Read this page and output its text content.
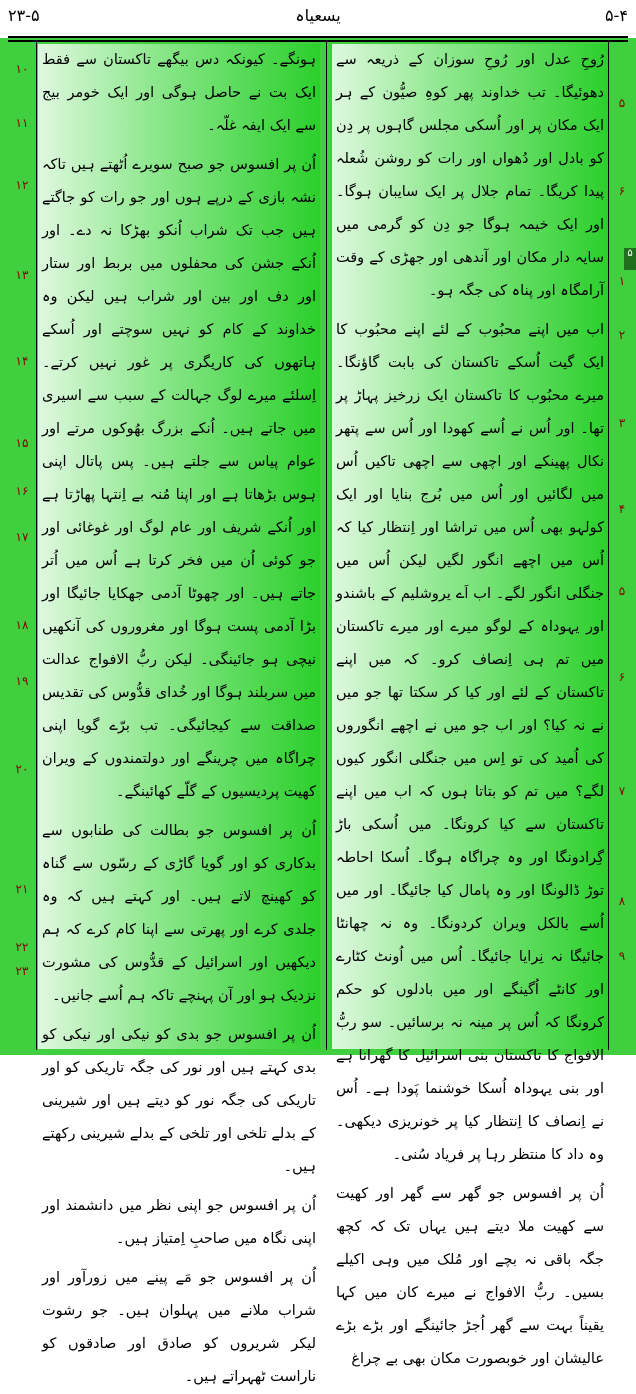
۲۳-۵	یسعیاہ	۵-۴

رُوحِ عدل اور رُوحِ سوزان کے ذریعہ سے دھوئیگا۔ تب خداوند پھر کوہِ صیُّون کے ہر ایک مکان پر اور اُسکی مجلس گاہوں پر دِن کو بادل اور دُھواں اور رات کو روشن شُعلہ پیدا کریگا۔ تمام جلال پر ایک سایبان ہوگا۔ اور ایک خیمہ ہوگا جو دِن کو گرمی میں سایہ دار مکان اور آندھی اور جھڑی کے وقت آرامگاہ اور پناہ کی جگہ ہو۔

اب میں اپنے محبُوب کے لئے اپنے محبُوب کا ایک گیت اُسکے تاکستان کی بابت گاؤنگا۔ میرے محبُوب کا تاکستان ایک زرخیز پہاڑ پر تھا۔ اور اُس نے اُسے کھودا اور اُس سے پتھر نکال پھینکے اور اچھی سے اچھی تاکیں اُس میں لگائیں اور اُس میں بُرج بنایا اور ایک کولہو بھی اُس میں تراشا اور اِنتظار کیا کہ اُس میں اچھے انگور لگیں لیکن اُس میں جنگلی انگور لگے۔ اب اَے یروشلیم کے باشندو اور یہوداہ کے لوگو میرے اور میرے تاکستان میں تم ہی اِنصاف کرو۔ کہ میں اپنے تاکستان کے لئے اور کیا کر سکتا تھا جو میں نے نہ کیا؟ اور اب جو میں نے اچھے انگوروں کی اُمید کی تو اِس میں جنگلی انگور کیوں لگے؟ میں تم کو بتاتا ہوں کہ اب میں اپنے تاکستان سے کیا کرونگا۔ میں اُسکی باڑ گِرادونگا اور وہ چراگاہ ہوگا۔ اُسکا احاطہ توڑ ڈالونگا اور وہ پامال کیا جائیگا۔ اور میں اُسے بالکل ویران کردونگا۔ وہ نہ چھانٹا جائیگا نہ نِرایا جائیگا۔ اُس میں اُونٹ کٹارے اور کانٹے اُگینگے اور میں بادلوں کو حکم کرونگا کہ اُس پر مینہ نہ برسائیں۔ سو ربُّ الافواج کا تاکستان بنی اسرائیل کا گھرانا ہے اور بنی یہوداہ اُسکا خوشنما پَودا ہے۔ اُس نے اِنصاف کا اِنتظار کیا پر خونریزی دیکھی۔ وہ داد کا منتظر رہا پر فریاد سُنی۔

اُن پر افسوس جو گھر سے گھر اور کھیت سے کھیت ملا دیتے ہیں یہاں تک کہ کچھ جگہ باقی نہ بچے اور مُلک میں وہی اکیلے بسیں۔ ربُّ الافواج نے میرے کان میں کہا یقیناً بہت سے گھر اُجڑ جائینگے اور بڑے بڑے عالیشان اور خوبصورت مکان بھی بے چراغ

ہونگے۔ کیونکہ دس بیگھے تاکستان سے فقط ایک بت نے حاصل ہوگی اور ایک خومر بیج سے ایک ایفہ غلّہ۔

اُن پر افسوس جو صبح سویرے اُٹھتے ہیں تاکہ نشہ بازی کے درپے ہوں اور جو رات کو جاگتے ہیں جب تک شراب اُنکو بھڑکا نہ دے۔ اور اُنکے جشن کی محفلوں میں بربط اور ستار اور دف اور بین اور شراب ہیں لیکن وہ خداوند کے کام کو نہیں سوچتے اور اُسکے ہاتھوں کی کاریگری پر غور نہیں کرتے۔ اِسلئے میرے لوگ جہالت کے سبب سے اسیری میں جاتے ہیں۔ اُنکے بزرگ بھُوکوں مرتے اور عوام پیاس سے جلتے ہیں۔ پس پاتال اپنی ہوس بڑھاتا ہے اور اپنا مُنہ بے اِنتہا پھاڑتا ہے اور اُنکے شریف اور عام لوگ اور غوغائی اور جو کوئی اُن میں فخر کرتا ہے اُس میں اُتر جاتے ہیں۔ اور چھوٹا آدمی جھکایا جائیگا اور بڑا آدمی پست ہوگا اور مغروروں کی آنکھیں نیچی ہو جائینگی۔ لیکن ربُّ الافواج عدالت میں سربلند ہوگا اور خُدای قدُّوس کی تقدیس صداقت سے کیجائیگی۔ تب برّے گویا اپنی چراگاہ میں چرینگے اور دولتمندوں کے ویران کھیت پردیسیوں کے گلّے کھائینگے۔

اُن پر افسوس جو بطالت کی طنابوں سے بدکاری کو اور گویا گاڑی کے رسّوں سے گناہ کو کھینچ لاتے ہیں۔ اور کہتے ہیں کہ وہ جلدی کرے اور پھرتی سے اپنا کام کرے کہ ہم دیکھیں اور اسرائیل کے قدُّوس کی مشورت نزدیک ہو اور آن پہنچے تاکہ ہم اُسے جانیں۔

اُن پر افسوس جو بدی کو نیکی اور نیکی کو بدی کہتے ہیں اور نور کی جگہ تاریکی کو اور تاریکی کی جگہ نور کو دیتے ہیں اور شیرینی کے بدلے تلخی اور تلخی کے بدلے شیرینی رکھتے ہیں۔

اُن پر افسوس جو اپنی نظر میں دانشمند اور اپنی نگاہ میں صاحبِ اِمتیاز ہیں۔

اُن پر افسوس جو مَے پینے میں زورآور اور شراب ملانے میں پہلوان ہیں۔ جو رشوت لیکر شریروں کو صادق اور صادقوں کو ناراست ٹھہراتے ہیں۔

۵
۶
۱
۲
۳
۴
۵
۶
۷
۸
۹
۱۰
۱۱
۱۲
۱۳
۱۴
۱۵
۱۶
۱۷
۱۸
۱۹
۲۰
۲۱
۲۲
۲۳
۵
